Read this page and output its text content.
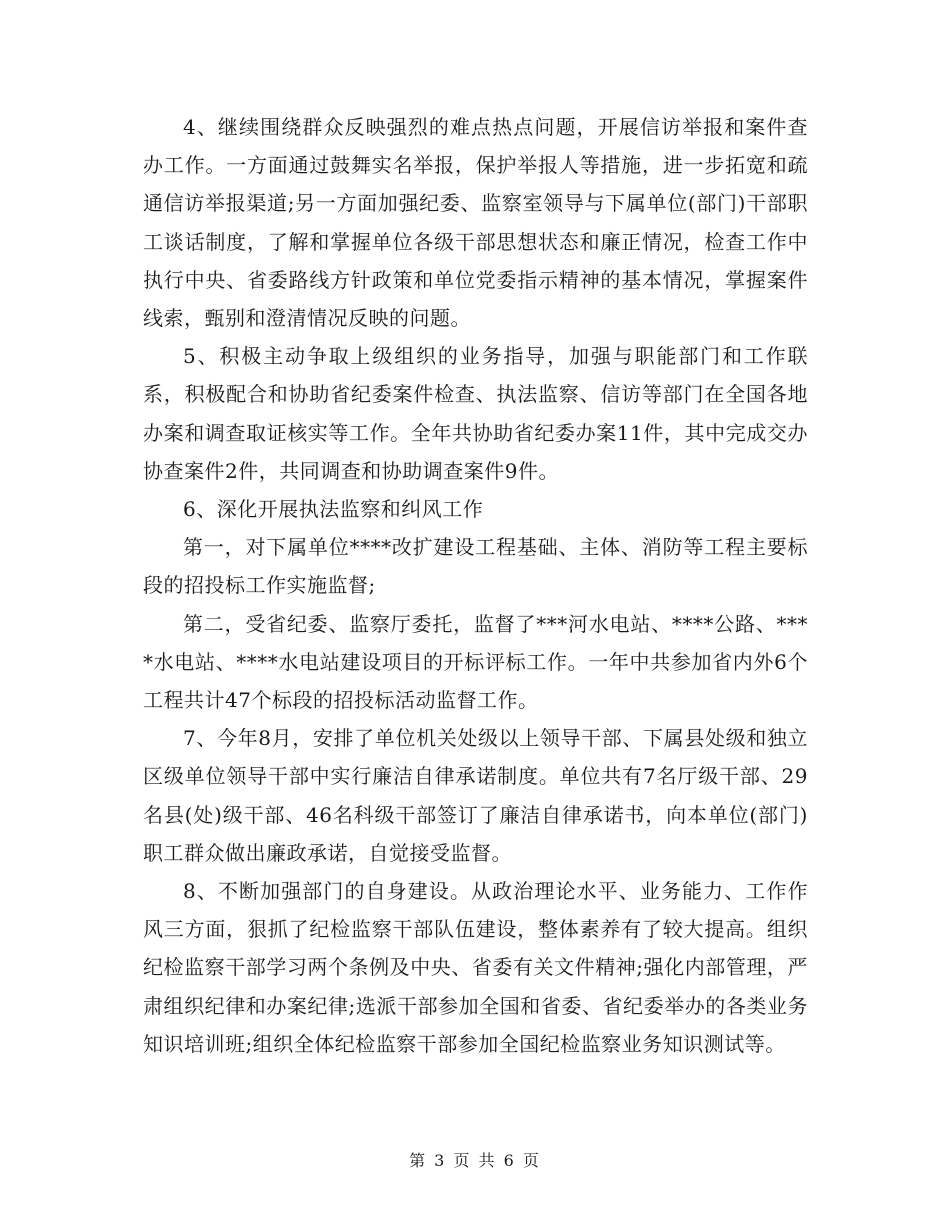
4、继续围绕群众反映强烈的难点热点问题，开展信访举报和案件查办工作。一方面通过鼓舞实名举报，保护举报人等措施，进一步拓宽和疏通信访举报渠道;另一方面加强纪委、监察室领导与下属单位(部门)干部职工谈话制度，了解和掌握单位各级干部思想状态和廉正情况，检查工作中执行中央、省委路线方针政策和单位党委指示精神的基本情况，掌握案件线索，甄别和澄清情况反映的问题。

5、积极主动争取上级组织的业务指导，加强与职能部门和工作联系，积极配合和协助省纪委案件检查、执法监察、信访等部门在全国各地办案和调查取证核实等工作。全年共协助省纪委办案11件，其中完成交办协查案件2件，共同调查和协助调查案件9件。

6、深化开展执法监察和纠风工作

第一，对下属单位****改扩建设工程基础、主体、消防等工程主要标段的招投标工作实施监督;

第二，受省纪委、监察厅委托，监督了***河水电站、****公路、****水电站、****水电站建设项目的开标评标工作。一年中共参加省内外6个工程共计47个标段的招投标活动监督工作。

7、今年8月，安排了单位机关处级以上领导干部、下属县处级和独立区级单位领导干部中实行廉洁自律承诺制度。单位共有7名厅级干部、29名县(处)级干部、46名科级干部签订了廉洁自律承诺书，向本单位(部门)职工群众做出廉政承诺，自觉接受监督。

8、不断加强部门的自身建设。从政治理论水平、业务能力、工作作风三方面，狠抓了纪检监察干部队伍建设，整体素养有了较大提高。组织纪检监察干部学习两个条例及中央、省委有关文件精神;强化内部管理，严肃组织纪律和办案纪律;选派干部参加全国和省委、省纪委举办的各类业务知识培训班;组织全体纪检监察干部参加全国纪检监察业务知识测试等。

第 3 页 共 6 页
